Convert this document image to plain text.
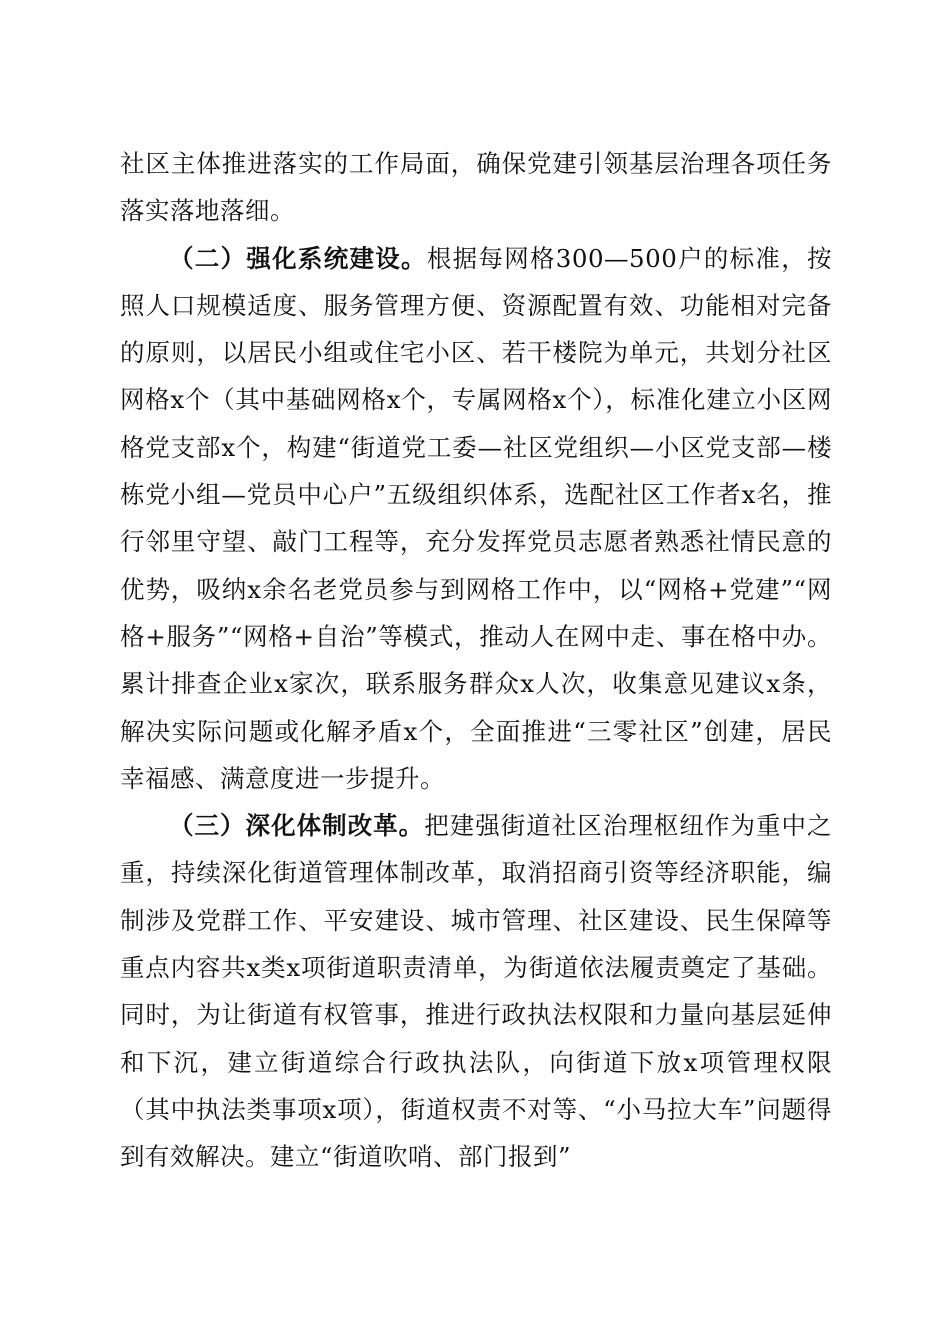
社区主体推进落实的工作局面，确保党建引领基层治理各项任务落实落地落细。

（二）强化系统建设。根据每网格300—500户的标准，按照人口规模适度、服务管理方便、资源配置有效、功能相对完备的原则，以居民小组或住宅小区、若干楼院为单元，共划分社区网格x个（其中基础网格x个，专属网格x个），标准化建立小区网格党支部x个，构建“街道党工委—社区党组织—小区党支部—楼栋党小组—党员中心户”五级组织体系，选配社区工作者x名，推行邻里守望、敲门工程等，充分发挥党员志愿者熟悉社情民意的优势，吸纳x余名老党员参与到网格工作中，以“网格+党建”“网格+服务”“网格+自治”等模式，推动人在网中走、事在格中办。累计排查企业x家次，联系服务群众x人次，收集意见建议x条，解决实际问题或化解矛盾x个，全面推进“三零社区”创建，居民幸福感、满意度进一步提升。

（三）深化体制改革。把建强街道社区治理枢纽作为重中之重，持续深化街道管理体制改革，取消招商引资等经济职能，编制涉及党群工作、平安建设、城市管理、社区建设、民生保障等重点内容共x类x项街道职责清单，为街道依法履责奠定了基础。同时，为让街道有权管事，推进行政执法权限和力量向基层延伸和下沉，建立街道综合行政执法队，向街道下放x项管理权限（其中执法类事项x项），街道权责不对等、“小马拉大车”问题得到有效解决。建立“街道吹哨、部门报到”
